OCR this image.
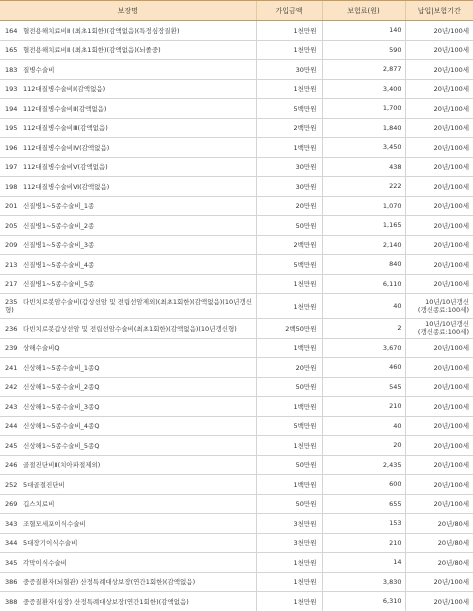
보장명	가입금액	보험료(원)	납입|보험기간
164 혈전용해치료비Ⅱ (최초1회한)(감액없음)(특정심장질환)	1천만원	140	20년/100세
165 혈전용해치료비Ⅱ (최초1회한)(감액없음)(뇌졸중)	1천만원	590	20년/100세
183 질병수술비	30만원	2,877	20년/100세
193 112대질병수술비Ⅰ(감액없음)	1천만원	3,400	20년/100세
194 112대질병수술비Ⅱ(감액없음)	5백만원	1,700	20년/100세
195 112대질병수술비Ⅲ(감액없음)	2백만원	1,840	20년/100세
196 112대질병수술비Ⅳ(감액없음)	1백만원	3,450	20년/100세
197 112대질병수술비Ⅴ(감액없음)	30만원	438	20년/100세
198 112대질병수술비Ⅵ(감액없음)	30만원	222	20년/100세
201 신질병1~5종수술비_1종	20만원	1,070	20년/100세
205 신질병1~5종수술비_2종	50만원	1,165	20년/100세
209 신질병1~5종수술비_3종	2백만원	2,140	20년/100세
213 신질병1~5종수술비_4종	5백만원	840	20년/100세
217 신질병1~5종수술비_5종	1천만원	6,110	20년/100세
235 다빈치로봇암수술비(갑상선암 및 전립선암제외)(최초1회한)(감액없음)(10년갱신형)	1천만원	40	10년/10년갱신
(갱신종료:100세)

236 다빈치로봇갑상선암 및 전립선암수술비(최초1회한)(감액없음)(10년갱신형)	2백50만원	2	10년/10년갱신
(갱신종료:100세)

239 상해수술비Q	1백만원	3,670	20년/100세
241 신상해1~5종수술비_1종Q	20만원	460	20년/100세
242 신상해1~5종수술비_2종Q	50만원	545	20년/100세
243 신상해1~5종수술비_3종Q	1백만원	210	20년/100세
244 신상해1~5종수술비_4종Q	5백만원	40	20년/100세
245 신상해1~5종수술비_5종Q	1천만원	20	20년/100세
246 골절진단비Ⅱ(치아파절제외)	50만원	2,435	20년/100세
252 5대골절진단비	1백만원	600	20년/100세
269 깁스치료비	50만원	655	20년/100세
343 조혈모세포이식수술비	3천만원	153	20년/80세
344 5대장기이식수술비	3천만원	210	20년/80세
345 각막이식수술비	1천만원	14	20년/80세
386 중증질환자(뇌혈관) 산정특례대상보장(연간1회한)(감액없음)	1천만원	3,830	20년/100세
388 중증질환자(심장) 산정특례대상보장(연간1회한)(감액없음)	1천만원	6,310	20년/100세
